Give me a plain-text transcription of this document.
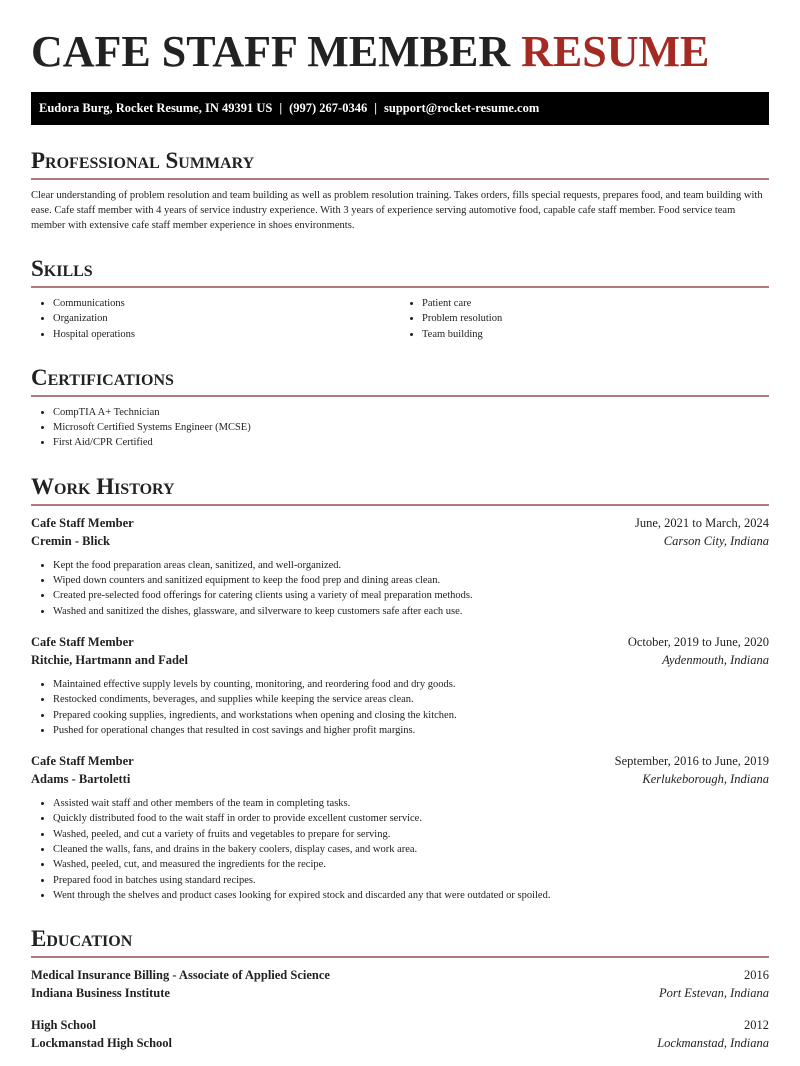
CAFE STAFF MEMBER RESUME
Eudora Burg, Rocket Resume, IN 49391 US | (997) 267-0346 | support@rocket-resume.com
Professional Summary
Clear understanding of problem resolution and team building as well as problem resolution training. Takes orders, fills special requests, prepares food, and team building with ease. Cafe staff member with 4 years of service industry experience. With 3 years of experience serving automotive food, capable cafe staff member. Food service team member with extensive cafe staff member experience in shoes environments.
Skills
• Communications
• Organization
• Hospital operations
• Patient care
• Problem resolution
• Team building
Certifications
• CompTIA A+ Technician
• Microsoft Certified Systems Engineer (MCSE)
• First Aid/CPR Certified
Work History
Cafe Staff Member	June, 2021 to March, 2024
Cremin - Blick	Carson City, Indiana
• Kept the food preparation areas clean, sanitized, and well-organized.
• Wiped down counters and sanitized equipment to keep the food prep and dining areas clean.
• Created pre-selected food offerings for catering clients using a variety of meal preparation methods.
• Washed and sanitized the dishes, glassware, and silverware to keep customers safe after each use.
Cafe Staff Member	October, 2019 to June, 2020
Ritchie, Hartmann and Fadel	Aydenmouth, Indiana
• Maintained effective supply levels by counting, monitoring, and reordering food and dry goods.
• Restocked condiments, beverages, and supplies while keeping the service areas clean.
• Prepared cooking supplies, ingredients, and workstations when opening and closing the kitchen.
• Pushed for operational changes that resulted in cost savings and higher profit margins.
Cafe Staff Member	September, 2016 to June, 2019
Adams - Bartoletti	Kerlukeborough, Indiana
• Assisted wait staff and other members of the team in completing tasks.
• Quickly distributed food to the wait staff in order to provide excellent customer service.
• Washed, peeled, and cut a variety of fruits and vegetables to prepare for serving.
• Cleaned the walls, fans, and drains in the bakery coolers, display cases, and work area.
• Washed, peeled, cut, and measured the ingredients for the recipe.
• Prepared food in batches using standard recipes.
• Went through the shelves and product cases looking for expired stock and discarded any that were outdated or spoiled.
Education
Medical Insurance Billing - Associate of Applied Science	2016
Indiana Business Institute	Port Estevan, Indiana
High School	2012
Lockmanstad High School	Lockmanstad, Indiana
